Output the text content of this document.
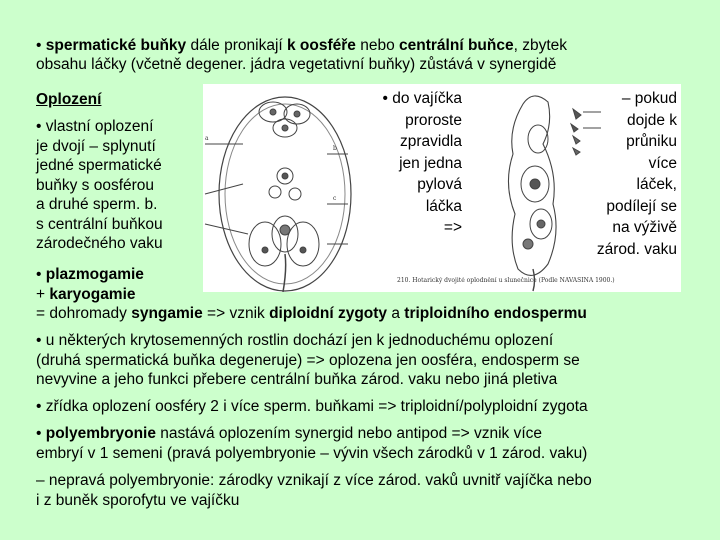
• spermatické buňky dále pronikají k oosféře nebo centrální buňce, zbytek
obsahu láčky (včetně degener. jádra vegetativní buňky) zůstává v synergidě
Oplození
• vlastní oplození
je dvojí – splynutí
jedné spermatické
buňky s oosférou
a druhé sperm. b.
s centrální buňkou
zárodečného vaku
a
b
c
• do vajíčka
proroste
zpravidla
jen jedna
pylová
láčka
=>
– pokud
dojde k
průniku
více
láček,
podílejí se
na výživě
zárod. vaku
210. Hotarický dvojité oplodnění u slunečnice (Podle NAVAŠINA 1900.)
• plazmogamie
+ karyogamie
= dohromady syngamie => vznik diploidní zygoty a triploidního endospermu
• u některých krytosemenných rostlin dochází jen k jednoduchému oplození
(druhá spermatická buňka degeneruje) => oplozena jen oosféra, endosperm se
nevyvine a jeho funkci přebere centrální buňka zárod. vaku nebo jiná pletiva
• zřídka oplození oosféry 2 i více sperm. buňkami => triploidní/polyploidní zygota
• polyembryonie nastává oplozením synergid nebo antipod => vznik více
embryí v 1 semeni (pravá polyembryonie – vývin všech zárodků v 1 zárod. vaku)
– nepravá polyembryonie: zárodky vznikají z více zárod. vaků uvnitř vajíčka nebo
i z buněk sporofytu ve vajíčku
